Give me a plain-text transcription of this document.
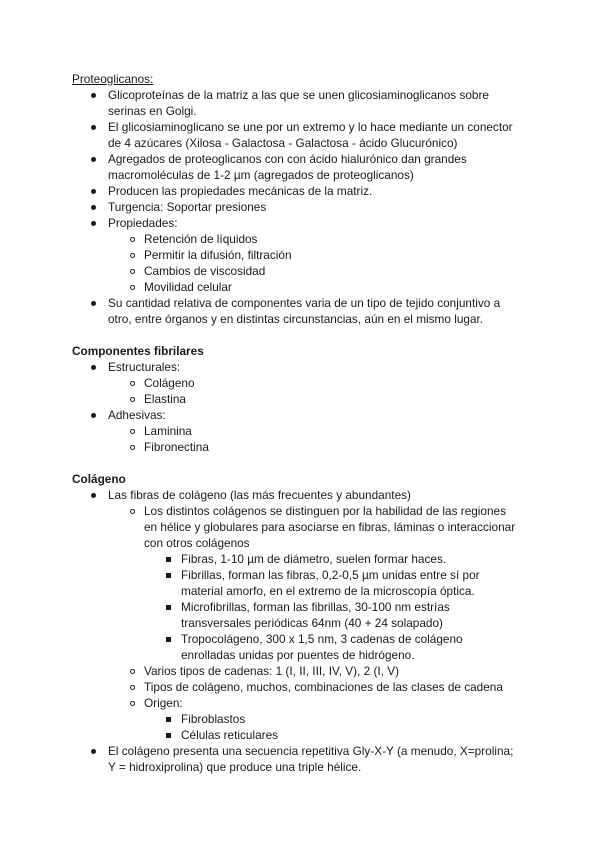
Proteoglicanos:
Glicoproteínas de la matriz a las que se unen glicosiaminoglicanos sobre
serinas en Golgi.
El glicosiaminoglicano se une por un extremo y lo hace mediante un conector
de 4 azúcares (Xilosa - Galactosa - Galactosa - ácido Glucurónico)
Agregados de proteoglicanos con con ácido hialurónico dan grandes
macromoléculas de 1-2 µm (agregados de proteoglicanos)
Producen las propiedades mecánicas de la matriz.
Turgencia: Soportar presiones
Propiedades:
Retención de líquidos
Permitir la difusión, filtración
Cambios de viscosidad
Movilidad celular
Su cantidad relativa de componentes varia de un tipo de tejido conjuntivo a
otro, entre órganos y en distintas circunstancias, aún en el mismo lugar.
Componentes fibrilares
Estructurales:
Colágeno
Elastina
Adhesivas:
Laminina
Fibronectina
Colágeno
Las fibras de colágeno (las más frecuentes y abundantes)
Los distintos colágenos se distinguen por la habilidad de las regiones
en hélice y globulares para asociarse en fibras, láminas o interaccionar
con otros colágenos
Fibras, 1-10 µm de diámetro, suelen formar haces.
Fibrillas, forman las fibras, 0,2-0,5 µm unidas entre sí por
material amorfo, en el extremo de la microscopía óptica.
Microfibrillas, forman las fibrillas, 30-100 nm estrías
transversales periódicas 64nm (40 + 24 solapado)
Tropocolágeno, 300 x 1,5 nm, 3 cadenas de colágeno
enrolladas unidas por puentes de hidrógeno.
Varios tipos de cadenas: 1 (I, II, III, IV, V), 2 (I, V)
Tipos de colágeno, muchos, combinaciones de las clases de cadena
Origen:
Fibroblastos
Células reticulares
El colágeno presenta una secuencia repetitiva Gly-X-Y (a menudo, X=prolina;
Y = hidroxiprolina) que produce una triple hélice.
